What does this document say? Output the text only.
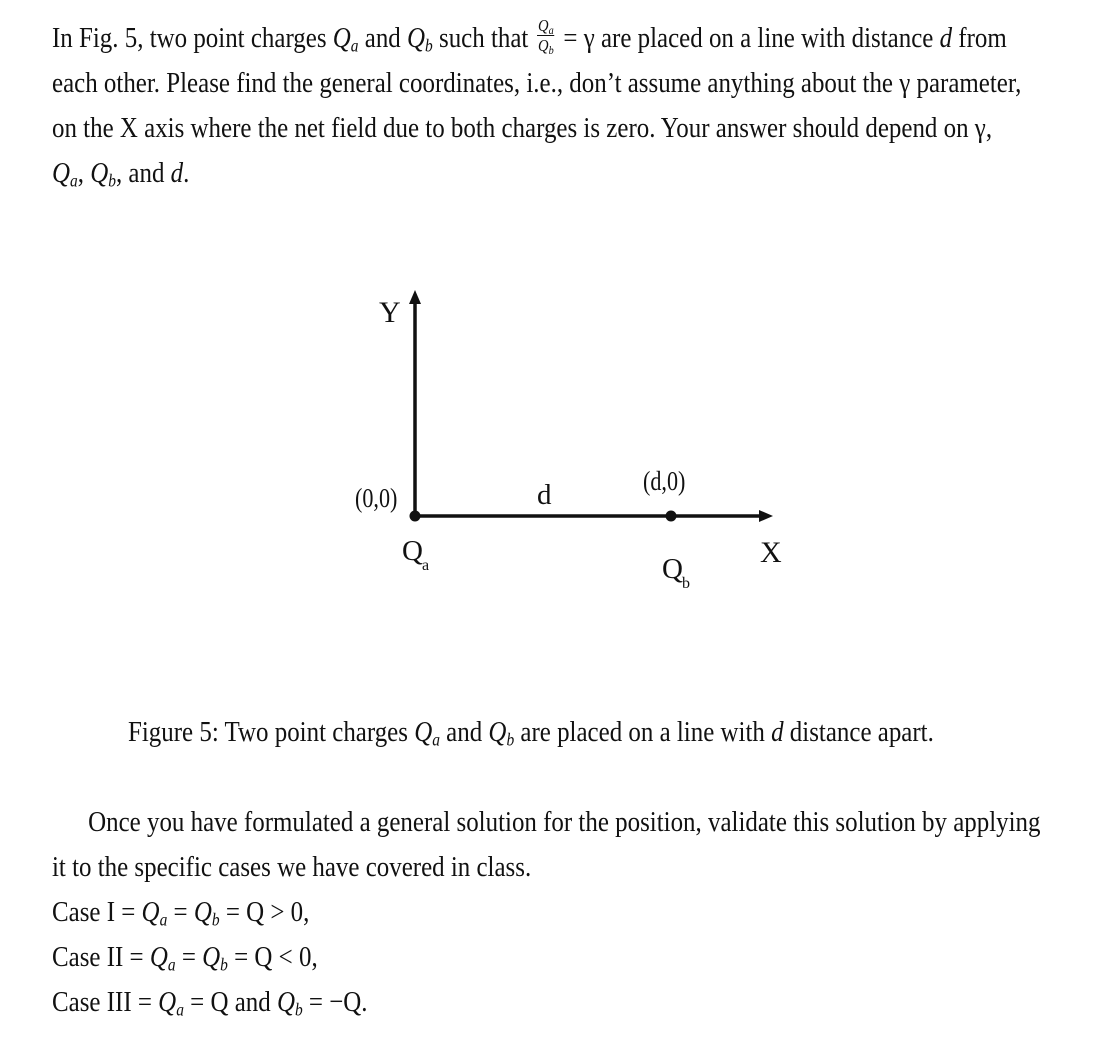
In Fig. 5, two point charges $Q_a$ and $Q_b$ such that $\frac{Q_a}{Q_b} = \gamma$ are placed on a line with distance d from
each other. Please find the general coordinates, i.e., don’t assume anything about the γ parameter,
on the X axis where the net field due to both charges is zero. Your answer should depend on γ,
$Q_a$, $Q_b$, and d.
Y
X
(0,0)
(d,0)
d
Q a	Q b
Figure 5: Two point charges $Q_a$ and $Q_b$ are placed on a line with d distance apart.
Once you have formulated a general solution for the position, validate this solution by applying
it to the specific cases we have covered in class.
Case $I = Q_a = Q_b = Q > 0$,
Case II = $Q_a = Q_b = Q < 0$,
Case III = $Q_a = Q$ and $Q_b = -Q$.
